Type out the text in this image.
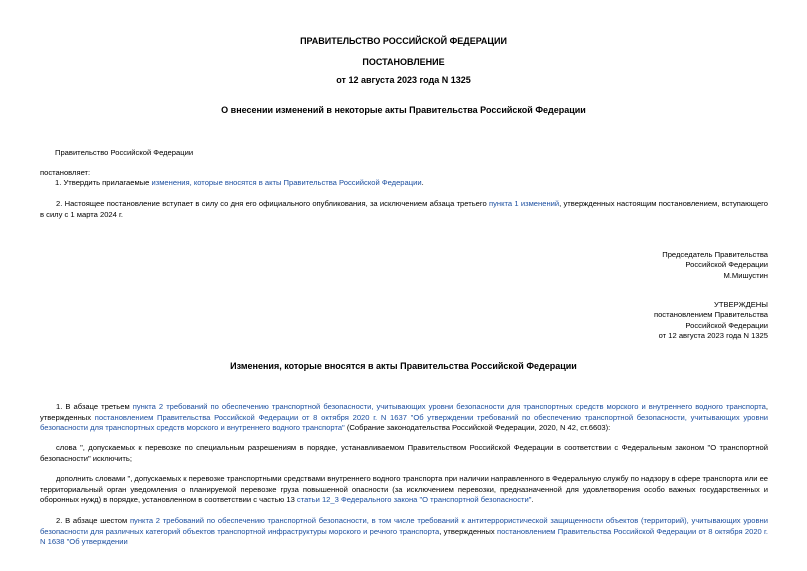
ПРАВИТЕЛЬСТВО РОССИЙСКОЙ ФЕДЕРАЦИИ
ПОСТАНОВЛЕНИЕ
от 12 августа 2023 года N 1325
О внесении изменений в некоторые акты Правительства Российской Федерации
Правительство Российской Федерации
постановляет:
1. Утвердить прилагаемые изменения, которые вносятся в акты Правительства Российской Федерации.
2. Настоящее постановление вступает в силу со дня его официального опубликования, за исключением абзаца третьего пункта 1 изменений, утвержденных настоящим постановлением, вступающего в силу с 1 марта 2024 г.
Председатель Правительства
Российской Федерации
М.Мишустин
УТВЕРЖДЕНЫ
постановлением Правительства
Российской Федерации
от 12 августа 2023 года N 1325
Изменения, которые вносятся в акты Правительства Российской Федерации
1. В абзаце третьем пункта 2 требований по обеспечению транспортной безопасности, учитывающих уровни безопасности для транспортных средств морского и внутреннего водного транспорта, утвержденных постановлением Правительства Российской Федерации от 8 октября 2020 г. N 1637 "Об утверждении требований по обеспечению транспортной безопасности, учитывающих уровни безопасности для транспортных средств морского и внутреннего водного транспорта" (Собрание законодательства Российской Федерации, 2020, N 42, ст.6603):
слова ", допускаемых к перевозке по специальным разрешениям в порядке, устанавливаемом Правительством Российской Федерации в соответствии с Федеральным законом "О транспортной безопасности" исключить;
дополнить словами ", допускаемых к перевозке транспортными средствами внутреннего водного транспорта при наличии направленного в Федеральную службу по надзору в сфере транспорта или ее территориальный орган уведомления о планируемой перевозке груза повышенной опасности (за исключением перевозки, предназначенной для удовлетворения особо важных государственных и оборонных нужд) в порядке, установленном в соответствии с частью 13 статьи 12_3 Федерального закона "О транспортной безопасности".
2. В абзаце шестом пункта 2 требований по обеспечению транспортной безопасности, в том числе требований к антитеррористической защищенности объектов (территорий), учитывающих уровни безопасности для различных категорий объектов транспортной инфраструктуры морского и речного транспорта, утвержденных постановлением Правительства Российской Федерации от 8 октября 2020 г. N 1638 "Об утверждении
